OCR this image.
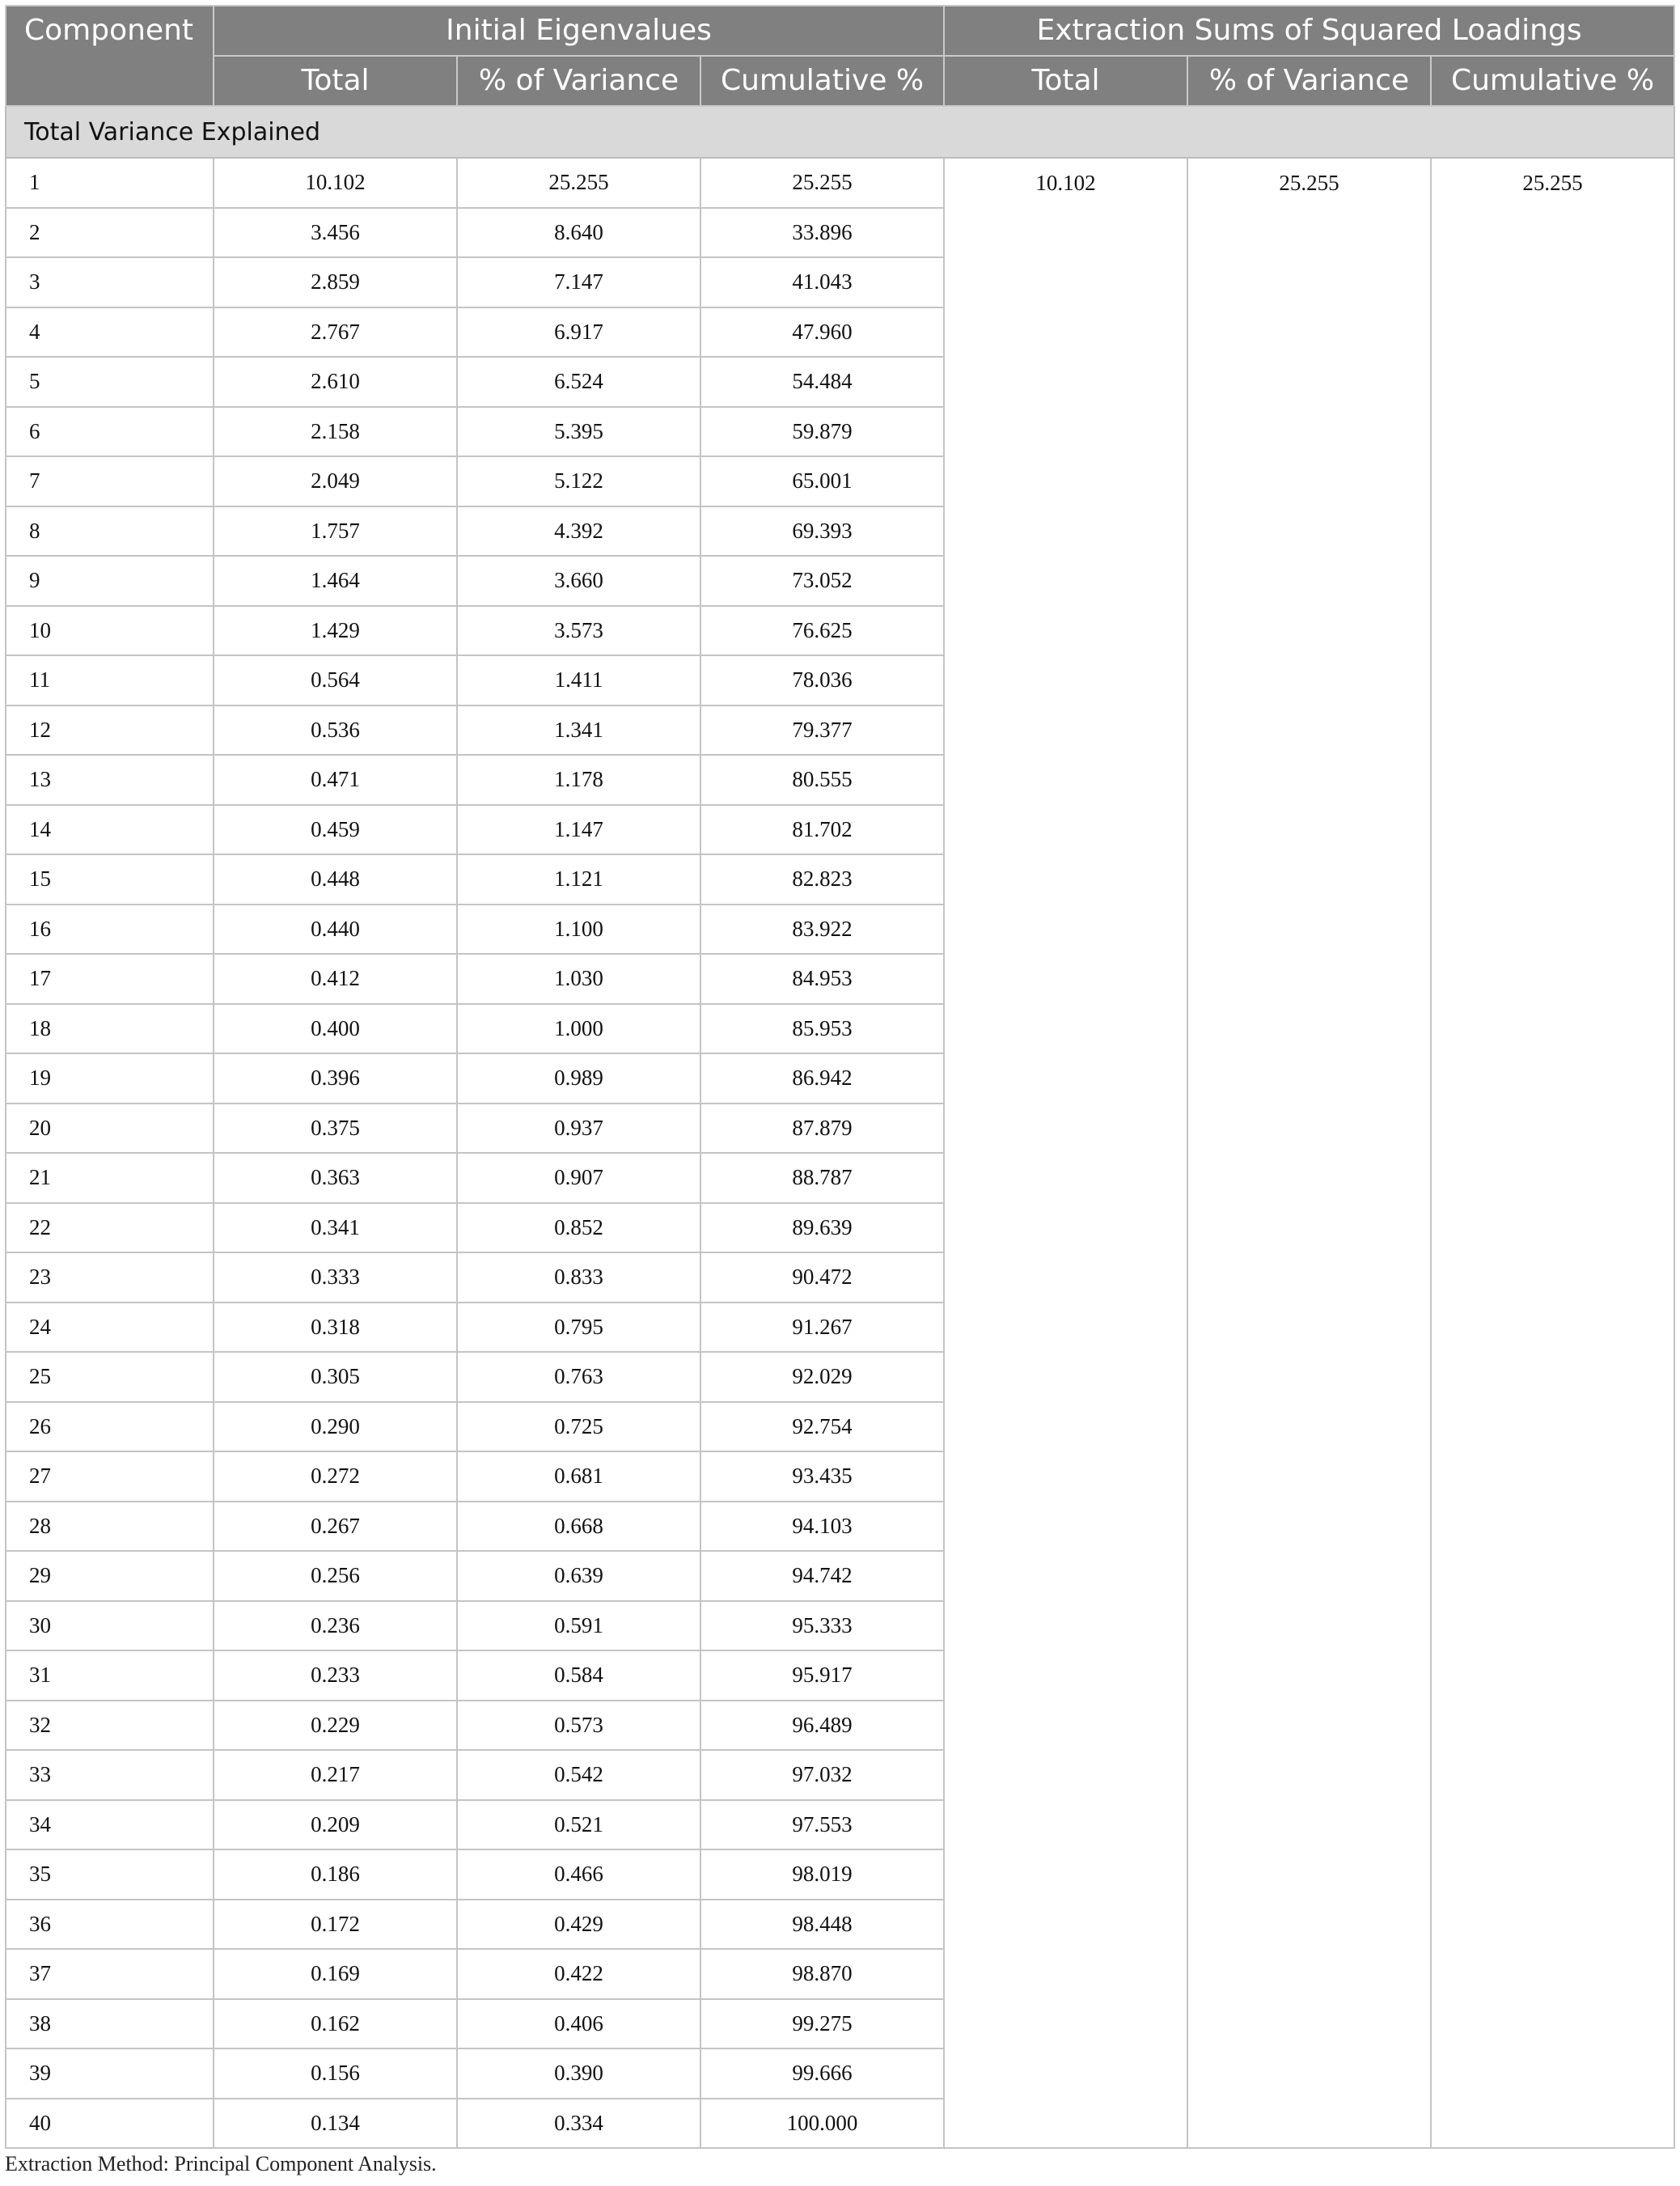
Component	Initial Eigenvalues			Extraction Sums of Squared Loadings		
	Total	% of Variance	Cumulative %	Total	% of Variance	Cumulative %
Total Variance Explained						
1	10.102	25.255	25.255	10.102	25.255	25.255
2	3.456	8.640	33.896			
3	2.859	7.147	41.043			
4	2.767	6.917	47.960			
5	2.610	6.524	54.484			
6	2.158	5.395	59.879			
7	2.049	5.122	65.001			
8	1.757	4.392	69.393			
9	1.464	3.660	73.052			
10	1.429	3.573	76.625			
11	0.564	1.411	78.036			
12	0.536	1.341	79.377			
13	0.471	1.178	80.555			
14	0.459	1.147	81.702			
15	0.448	1.121	82.823			
16	0.440	1.100	83.922			
17	0.412	1.030	84.953			
18	0.400	1.000	85.953			
19	0.396	0.989	86.942			
20	0.375	0.937	87.879			
21	0.363	0.907	88.787			
22	0.341	0.852	89.639			
23	0.333	0.833	90.472			
24	0.318	0.795	91.267			
25	0.305	0.763	92.029			
26	0.290	0.725	92.754			
27	0.272	0.681	93.435			
28	0.267	0.668	94.103			
29	0.256	0.639	94.742			
30	0.236	0.591	95.333			
31	0.233	0.584	95.917			
32	0.229	0.573	96.489			
33	0.217	0.542	97.032			
34	0.209	0.521	97.553			
35	0.186	0.466	98.019			
36	0.172	0.429	98.448			
37	0.169	0.422	98.870			
38	0.162	0.406	99.275			
39	0.156	0.390	99.666			
40	0.134	0.334	100.000			
Extraction Method: Principal Component Analysis.
